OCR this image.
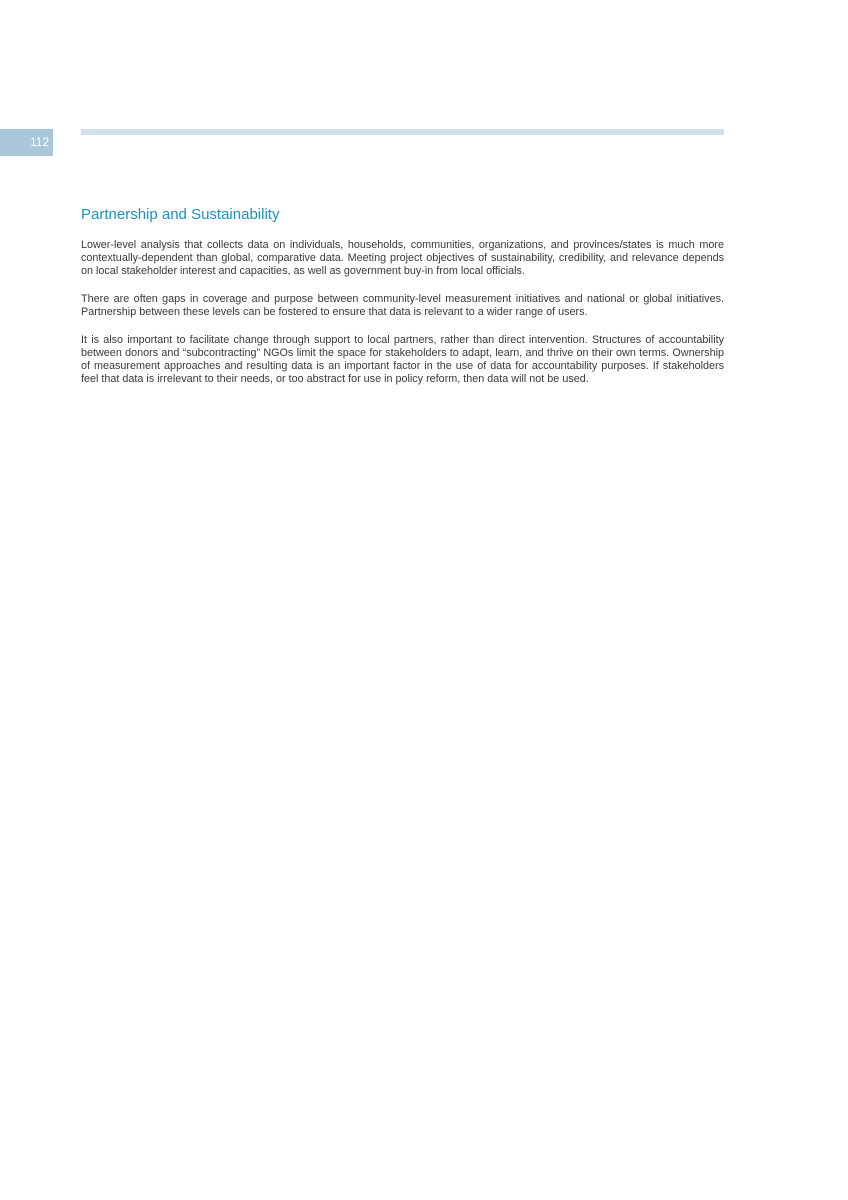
112
Partnership and Sustainability

Lower-level analysis that collects data on individuals, households, communities, organizations, and provinces/states is much more contextually-dependent than global, comparative data. Meeting project objectives of sustainability, credibility, and relevance depends on local stakeholder interest and capacities, as well as government buy-in from local officials.

There are often gaps in coverage and purpose between community-level measurement initiatives and national or global initiatives. Partnership between these levels can be fostered to ensure that data is relevant to a wider range of users.

It is also important to facilitate change through support to local partners, rather than direct intervention. Structures of accountability between donors and “subcontracting” NGOs limit the space for stakeholders to adapt, learn, and thrive on their own terms. Ownership of measurement approaches and resulting data is an important factor in the use of data for accountability purposes. If stakeholders feel that data is irrelevant to their needs, or too abstract for use in policy reform, then data will not be used.
